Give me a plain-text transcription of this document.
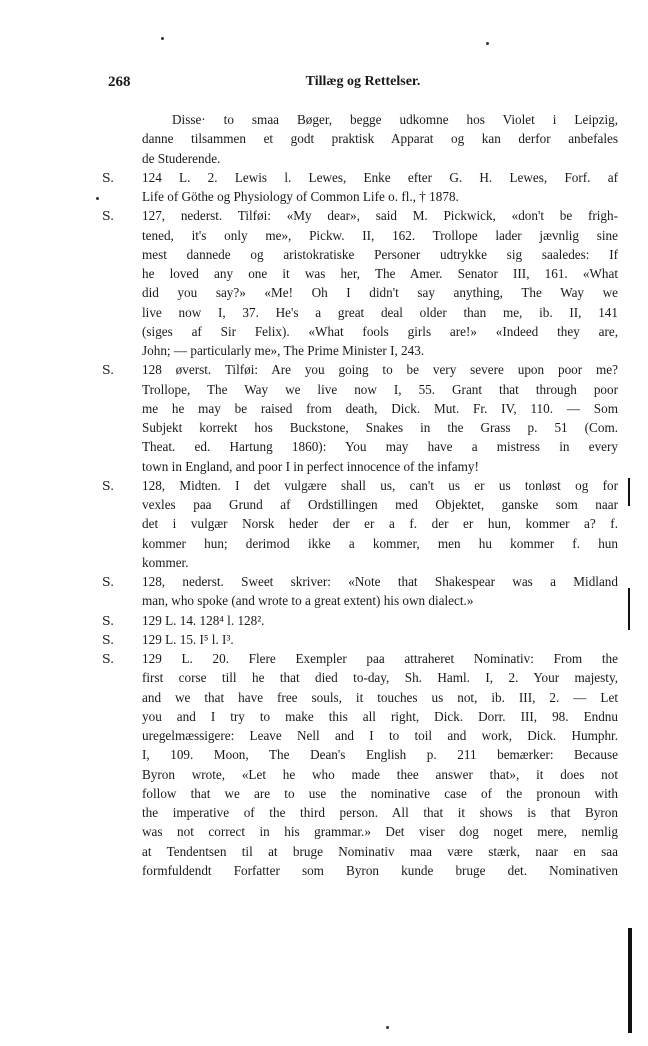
268	Tillæg og Rettelser.
Disse· to smaa Bøger, begge udkomne hos Violet i Leipzig,
danne tilsammen et godt praktisk Apparat og kan derfor anbefales
de Studerende.
S.	124 L. 2. Lewis l. Lewes, Enke efter G. H. Lewes, Forf. af
Life of Göthe og Physiology of Common Life o. fl., † 1878.
S.	127, nederst. Tilføi: «My dear», said M. Pickwick, «don't be frigh-
tened, it's only me», Pickw. II, 162. Trollope lader jævnlig sine
mest dannede og aristokratiske Personer udtrykke sig saaledes: If
he loved any one it was her, The Amer. Senator III, 161. «What
did you say?» «Me! Oh I didn't say anything, The Way we
live now I, 37. He's a great deal older than me, ib. II, 141
(siges af Sir Felix). «What fools girls are!» «Indeed they are,
John; — particularly me», The Prime Minister I, 243.
S.	128 øverst. Tilføi: Are you going to be very severe upon poor me?
Trollope, The Way we live now I, 55. Grant that through poor
me he may be raised from death, Dick. Mut. Fr. IV, 110. — Som
Subjekt korrekt hos Buckstone, Snakes in the Grass p. 51 (Com.
Theat. ed. Hartung 1860): You may have a mistress in every
town in England, and poor I in perfect innocence of the infamy!
S.	128, Midten. I det vulgære shall us, can't us er us tonløst og for
vexles paa Grund af Ordstillingen med Objektet, ganske som naar
det i vulgær Norsk heder der er a f. der er hun, kommer a? f.
kommer hun; derimod ikke a kommer, men hu kommer f. hun
kommer.
S.	128, nederst. Sweet skriver: «Note that Shakespear was a Midland
man, who spoke (and wrote to a great extent) his own dialect.»
S.	129 L. 14. 128⁴ l. 128².
S.	129 L. 15. I⁵ l. I³.
S.	129 L. 20. Flere Exempler paa attraheret Nominativ: From the
first corse till he that died to-day, Sh. Haml. I, 2. Your majesty,
and we that have free souls, it touches us not, ib. III, 2. — Let
you and I try to make this all right, Dick. Dorr. III, 98. Endnu
uregelmæssigere: Leave Nell and I to toil and work, Dick. Humphr.
I, 109. Moon, The Dean's English p. 211 bemærker: Because
Byron wrote, «Let he who made thee answer that», it does not
follow that we are to use the nominative case of the pronoun with
the imperative of the third person. All that it shows is that Byron
was not correct in his grammar.» Det viser dog noget mere, nemlig
at Tendentsen til at bruge Nominativ maa være stærk, naar en saa
formfuldendt Forfatter som Byron kunde bruge det. Nominativen
